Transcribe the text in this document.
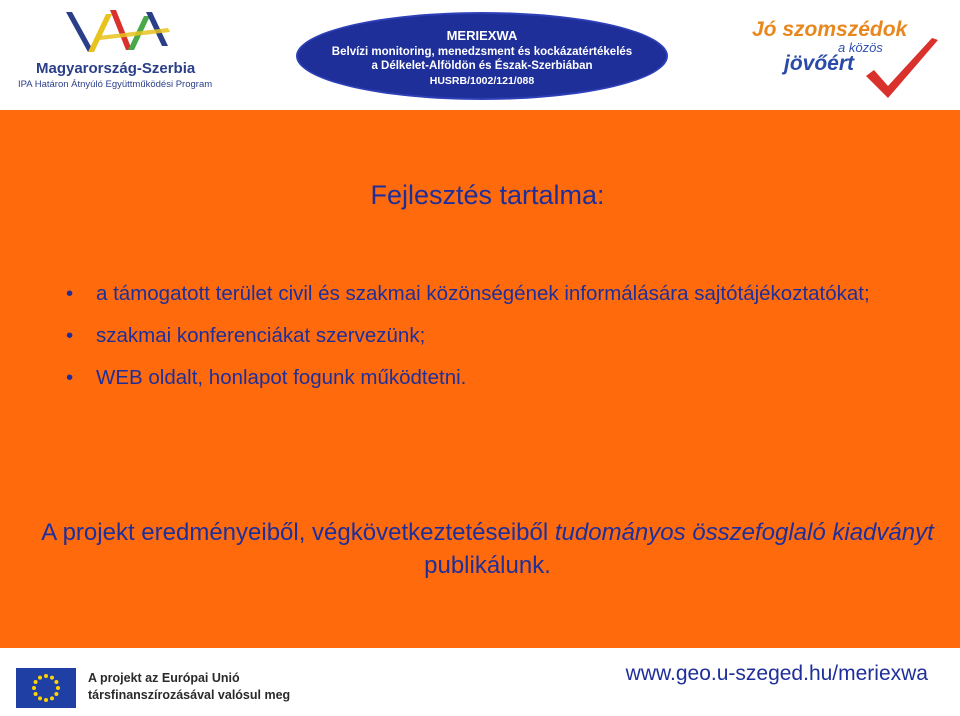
Magyarország-Szerbia
IPA Határon Átnyúló Együttműködési Program
MERIEXWA
Belvízi monitoring, menedzsment és kockázatértékelés
a Délkelet-Alföldön és Észak-Szerbiában
HUSRB/1002/121/088
Jó szomszédok
a közös
jövőért
Fejlesztés tartalma:
• a támogatott terület civil és szakmai közönségének informálására sajtótájékoztatókat;
• szakmai konferenciákat szervezünk;
• WEB oldalt, honlapot fogunk működtetni.
A projekt eredményeiből, végkövetkeztetéseiből tudományos összefoglaló kiadványt publikálunk.
A projekt az Európai Unió
társfinanszírozásával valósul meg
www.geo.u-szeged.hu/meriexwa
